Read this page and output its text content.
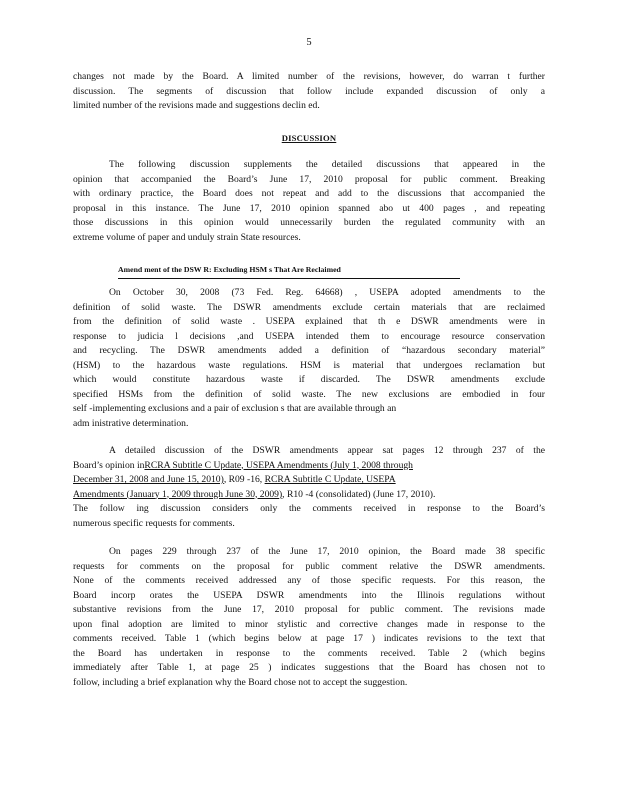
5
changes not made by the Board. A limited number of the revisions, however, do warran t further
discussion. The segments of discussion that follow include expanded discussion of only a
limited number of the revisions made and suggestions declin ed.
DISCUSSION
The following discussion supplements the detailed discussions that appeared in the
opinion that accompanied the Board’s June 17, 2010 proposal for public comment. Breaking
with ordinary practice, the Board does not repeat and add to the discussions that accompanied the
proposal in this instance. The June 17, 2010 opinion spanned abo ut 400 pages , and repeating
those discussions in this opinion would unnecessarily burden the regulated community with an
extreme volume of paper and unduly strain State resources.
Amend ment of the DSW R: Excluding HSM s That Are Reclaimed
On October 30, 2008 (73 Fed. Reg. 64668) , USEPA adopted amendments to the
definition of solid waste. The DSWR amendments exclude certain materials that are reclaimed
from the definition of solid waste . USEPA explained that th e DSWR amendments were in
response to judicia l decisions ,and USEPA intended them to encourage resource conservation
and recycling. The DSWR amendments added a definition of “hazardous secondary material”
(HSM) to the hazardous waste regulations. HSM is material that undergoes reclamation but
which would constitute hazardous waste if discarded. The DSWR amendments exclude
specified HSMs from the definition of solid waste. The new exclusions are embodied in four
self -implementing exclusions and a pair of exclusion s that are available through an
adm inistrative determination.
A detailed discussion of the DSWR amendments appear sat pages 12 through 237 of the
Board’s opinion inRCRA Subtitle C Update, USEPA Amendments (July 1, 2008 through
December 31, 2008 and June 15, 2010), R09 -16, RCRA Subtitle C Update, USEPA
Amendments (January 1, 2009 through June 30, 2009), R10 -4 (consolidated) (June 17, 2010).
The follow ing discussion considers only the comments received in response to the Board’s
numerous specific requests for comments.
On pages 229 through 237 of the June 17, 2010 opinion, the Board made 38 specific
requests for comments on the proposal for public comment relative the DSWR amendments.
None of the comments received addressed any of those specific requests. For this reason, the
Board incorp orates the USEPA DSWR amendments into the Illinois regulations without
substantive revisions from the June 17, 2010 proposal for public comment. The revisions made
upon final adoption are limited to minor stylistic and corrective changes made in response to the
comments received. Table 1 (which begins below at page 17 ) indicates revisions to the text that
the Board has undertaken in response to the comments received. Table 2 (which begins
immediately after Table 1, at page 25 ) indicates suggestions that the Board has chosen not to
follow, including a brief explanation why the Board chose not to accept the suggestion.
